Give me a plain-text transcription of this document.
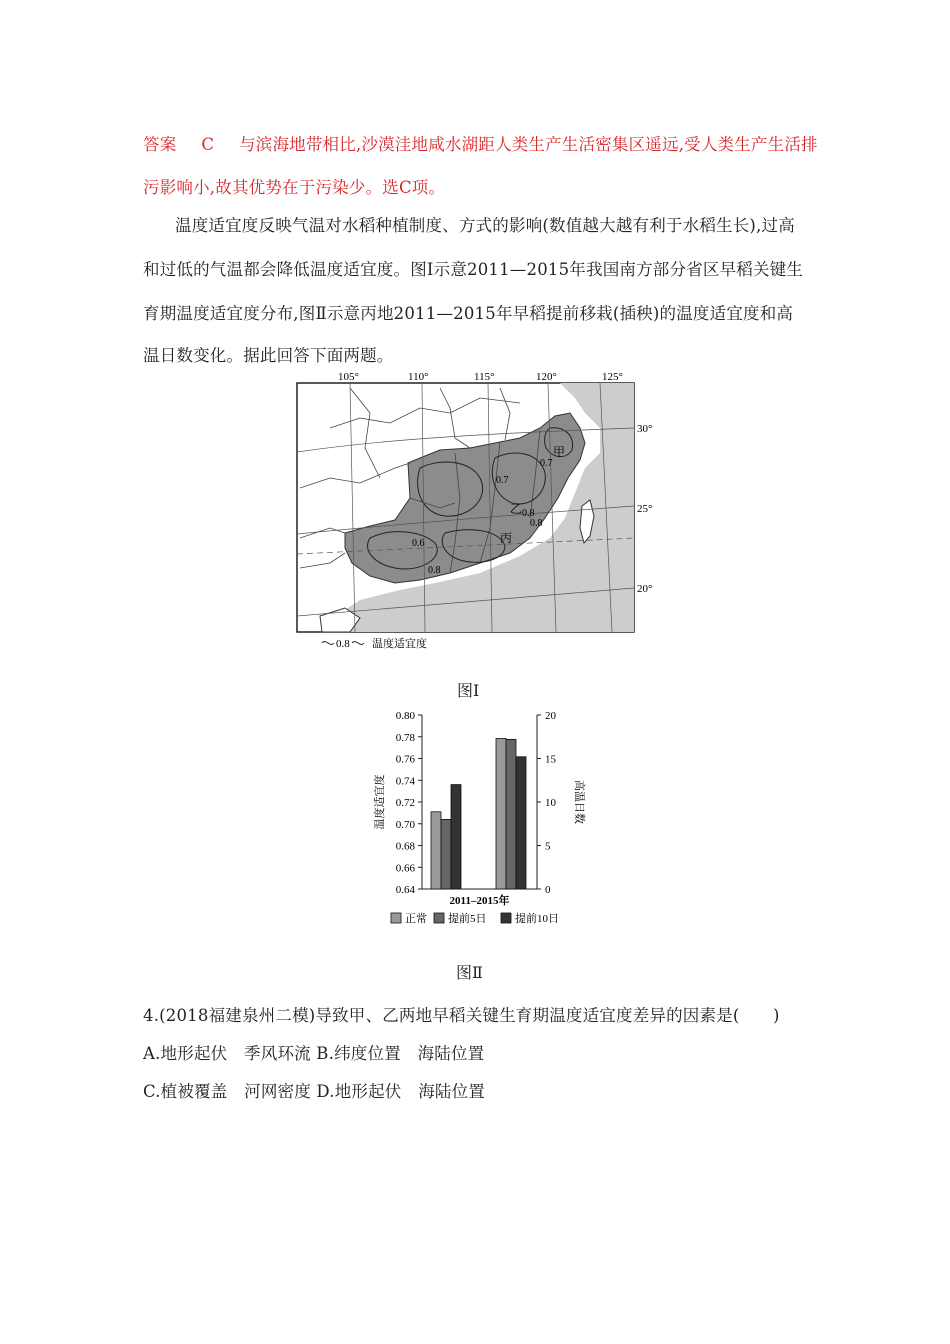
答案 C 与滨海地带相比,沙漠洼地咸水湖距人类生产生活密集区遥远,受人类生产生活排
污影响小,故其优势在于污染少。选C项。
温度适宜度反映气温对水稻种植制度、方式的影响(数值越大越有利于水稻生长),过高
和过低的气温都会降低温度适宜度。图Ⅰ示意2011—2015年我国南方部分省区早稻关键生
育期温度适宜度分布,图Ⅱ示意丙地2011—2015年早稻提前移栽(插秧)的温度适宜度和高
温日数变化。据此回答下面两题。
105°	110°	115°	120°	125°
30°
25°
20°
0.7
0.7
0.8
0.8
0.6
0.8
甲
乙
丙
0.8 温度适宜度
图Ⅰ
0.80
0.78
0.76
0.74
0.72
0.70
0.68
0.66
0.64
20
15
10
5
0
温度适宜度	高温日数
2011–2015年
正常 提前5日	提前10日
图Ⅱ
4.(2018福建泉州二模)导致甲、乙两地早稻关键生育期温度适宜度差异的因素是(　　)
A.地形起伏　季风环流 B.纬度位置　海陆位置
C.植被覆盖　河网密度 D.地形起伏　海陆位置
